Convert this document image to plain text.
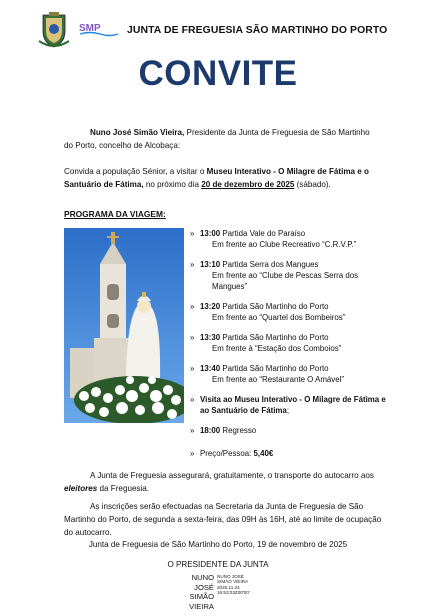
SMP	JUNTA DE FREGUESIA SÃO MARTINHO DO PORTO
CONVITE
Nuno José Simão Vieira, Presidente da Junta de Freguesia de São Martinho do Porto, concelho de Alcobaça:
Convida a população Sénior, a visitar o Museu Interativo - O Milagre de Fátima e o Santuário de Fátima, no próximo dia 20 de dezembro de 2025 (sábado).
PROGRAMA DA VIAGEM:
» 13:00 Partida Vale do Paraíso
Em frente ao Clube Recreativo “C.R.V.P.”
» 13:10 Partida Serra dos Mangues
Em frente ao “Clube de Pescas Serra dos Mangues”
» 13:20 Partida São Martinho do Porto
Em frente ao “Quartel dos Bombeiros”
» 13:30 Partida São Martinho do Porto
Em frente à “Estação dos Comboios”
» 13:40 Partida São Martinho do Porto
Em frente ao “Restaurante O Amável”
» Visita ao Museu Interativo - O Milagre de Fátima e ao Santuário de Fátima;
» 18:00 Regresso
» Preço/Pessoa: 5,40€
A Junta de Freguesia assegurará, gratuitamente, o transporte do autocarro aos eleitores da Freguesia.
As inscrições serão efectuadas na Secretaria da Junta de Freguesia de São Martinho do Porto, de segunda a sexta-feira, das 09H às 16H, até ao limite de ocupação do autocarro.
Junta de Freguesia de São Martinho do Porto, 19 de novembro de 2025
O PRESIDENTE DA JUNTA
NUNO JOSÉ
SIMÃO
VIEIRA
NUNO JOSÉ
SIMÃO VIEIRA
2025.11.24
16:53:03Z00'00'
